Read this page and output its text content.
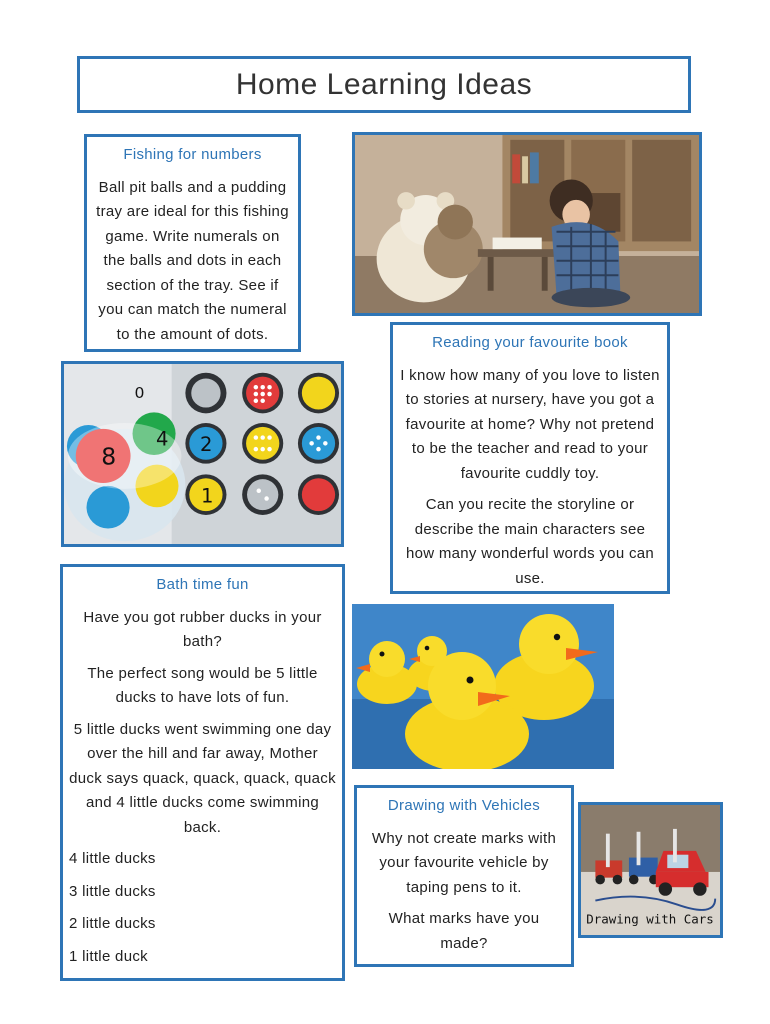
Home Learning Ideas
Fishing for numbers

Ball pit balls and a pudding tray are ideal for this fishing game. Write numerals on the balls and dots in each section of the tray. See if you can match the numeral to the amount of dots.	Reading your favourite book

I know how many of you love to listen to stories at nursery, have you got a favourite at home? Why not pretend to be the teacher and read to your favourite cuddly toy.

Can you recite the storyline or describe the main characters see how many wonderful words you can use.

8
4 2
1
0
Bath time fun

Have you got rubber ducks in your bath?

The perfect song would be 5 little ducks to have lots of fun.

5 little ducks went swimming one day over the hill and far away, Mother duck says quack, quack, quack, quack and 4 little ducks come swimming back.

4 little ducks
3 little ducks
2 little ducks
1 little duck
Drawing with Vehicles

Why not create marks with your favourite vehicle by taping pens to it.

What marks have you made?

Drawing with Cars
